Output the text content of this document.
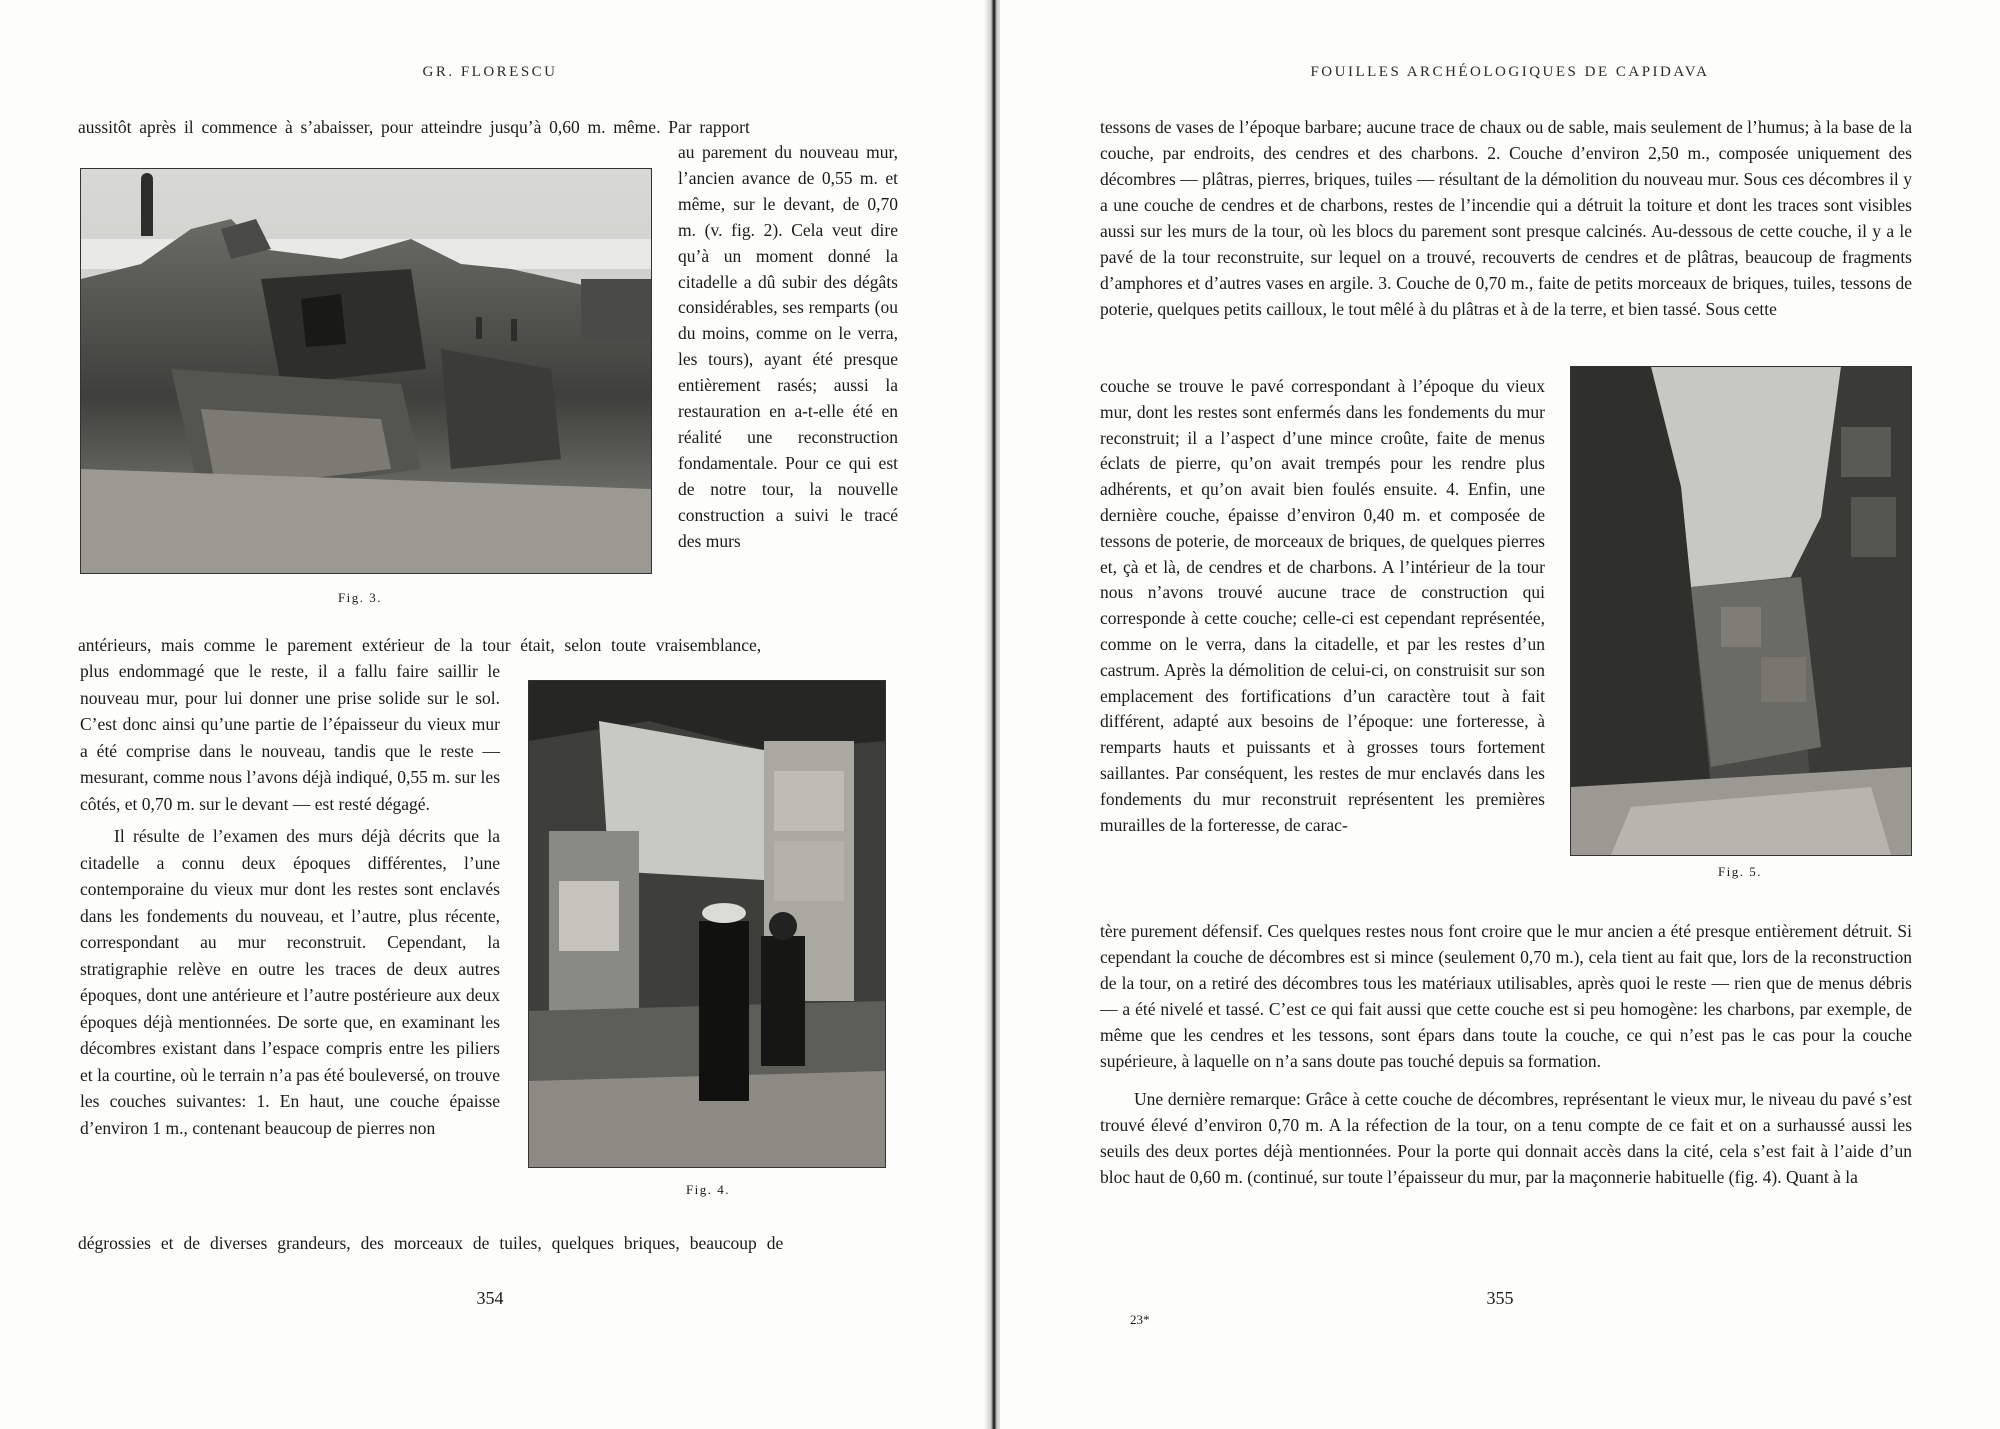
GR. FLORESCU

aussitôt après il commence à s’abaisser, pour atteindre jusqu’à 0,60 m. même. Par rapport

Fig. 3.

au parement du nouveau mur, l’ancien avance de 0,55 m. et même, sur le devant, de 0,70 m. (v. fig. 2). Cela veut dire qu’à un moment donné la citadelle a dû subir des dégâts considérables, ses remparts (ou du moins, comme on le verra, les tours), ayant été presque entièrement rasés; aussi la restauration en a-t-elle été en réalité une reconstruction fondamentale. Pour ce qui est de notre tour, la nouvelle construction a suivi le tracé des murs

antérieurs, mais comme le parement extérieur de la tour était, selon toute vraisemblance,

plus endommagé que le reste, il a fallu faire saillir le nouveau mur, pour lui donner une prise solide sur le sol. C’est donc ainsi qu’une partie de l’épaisseur du vieux mur a été comprise dans le nouveau, tandis que le reste — mesurant, comme nous l’avons déjà indiqué, 0,55 m. sur les côtés, et 0,70 m. sur le devant — est resté dégagé.

Il résulte de l’examen des murs déjà décrits que la citadelle a connu deux époques différentes, l’une contemporaine du vieux mur dont les restes sont enclavés dans les fondements du nouveau, et l’autre, plus récente, correspondant au mur reconstruit. Cependant, la stratigraphie relève en outre les traces de deux autres époques, dont une antérieure et l’autre postérieure aux deux époques déjà mentionnées. De sorte que, en examinant les décombres existant dans l’espace compris entre les piliers et la courtine, où le terrain n’a pas été bouleversé, on trouve les couches suivantes: 1. En haut, une couche épaisse d’environ 1 m., contenant beaucoup de pierres non

Fig. 4.

dégrossies et de diverses grandeurs, des morceaux de tuiles, quelques briques, beaucoup de

354
FOUILLES ARCHÉOLOGIQUES DE CAPIDAVA

tessons de vases de l’époque barbare; aucune trace de chaux ou de sable, mais seulement de l’humus; à la base de la couche, par endroits, des cendres et des charbons. 2. Couche d’environ 2,50 m., composée uniquement des décombres — plâtras, pierres, briques, tuiles — résultant de la démolition du nouveau mur. Sous ces décombres il y a une couche de cendres et de charbons, restes de l’incendie qui a détruit la toiture et dont les traces sont visibles aussi sur les murs de la tour, où les blocs du parement sont presque calcinés. Au-dessous de cette couche, il y a le pavé de la tour reconstruite, sur lequel on a trouvé, recouverts de cendres et de plâtras, beaucoup de fragments d’amphores et d’autres vases en argile. 3. Couche de 0,70 m., faite de petits morceaux de briques, tuiles, tessons de poterie, quelques petits cailloux, le tout mêlé à du plâtras et à de la terre, et bien tassé. Sous cette

couche se trouve le pavé correspondant à l’époque du vieux mur, dont les restes sont enfermés dans les fondements du mur reconstruit; il a l’aspect d’une mince croûte, faite de menus éclats de pierre, qu’on avait trempés pour les rendre plus adhérents, et qu’on avait bien foulés ensuite. 4. Enfin, une dernière couche, épaisse d’environ 0,40 m. et composée de tessons de poterie, de morceaux de briques, de quelques pierres et, çà et là, de cendres et de charbons. A l’intérieur de la tour nous n’avons trouvé aucune trace de construction qui corresponde à cette couche; celle-ci est cependant représentée, comme on le verra, dans la citadelle, et par les restes d’un castrum. Après la démolition de celui-ci, on construisit sur son emplacement des fortifications d’un caractère tout à fait différent, adapté aux besoins de l’époque: une forteresse, à remparts hauts et puissants et à grosses tours fortement saillantes. Par conséquent, les restes de mur enclavés dans les fondements du mur reconstruit représentent les premières murailles de la forteresse, de carac-

Fig. 5.

tère purement défensif. Ces quelques restes nous font croire que le mur ancien a été presque entièrement détruit. Si cependant la couche de décombres est si mince (seulement 0,70 m.), cela tient au fait que, lors de la reconstruction de la tour, on a retiré des décombres tous les matériaux utilisables, après quoi le reste — rien que de menus débris — a été nivelé et tassé. C’est ce qui fait aussi que cette couche est si peu homogène: les charbons, par exemple, de même que les cendres et les tessons, sont épars dans toute la couche, ce qui n’est pas le cas pour la couche supérieure, à laquelle on n’a sans doute pas touché depuis sa formation.

Une dernière remarque: Grâce à cette couche de décombres, représentant le vieux mur, le niveau du pavé s’est trouvé élevé d’environ 0,70 m. A la réfection de la tour, on a tenu compte de ce fait et on a surhaussé aussi les seuils des deux portes déjà mentionnées. Pour la porte qui donnait accès dans la cité, cela s’est fait à l’aide d’un bloc haut de 0,60 m. (continué, sur toute l’épaisseur du mur, par la maçonnerie habituelle (fig. 4). Quant à la

355
23*
